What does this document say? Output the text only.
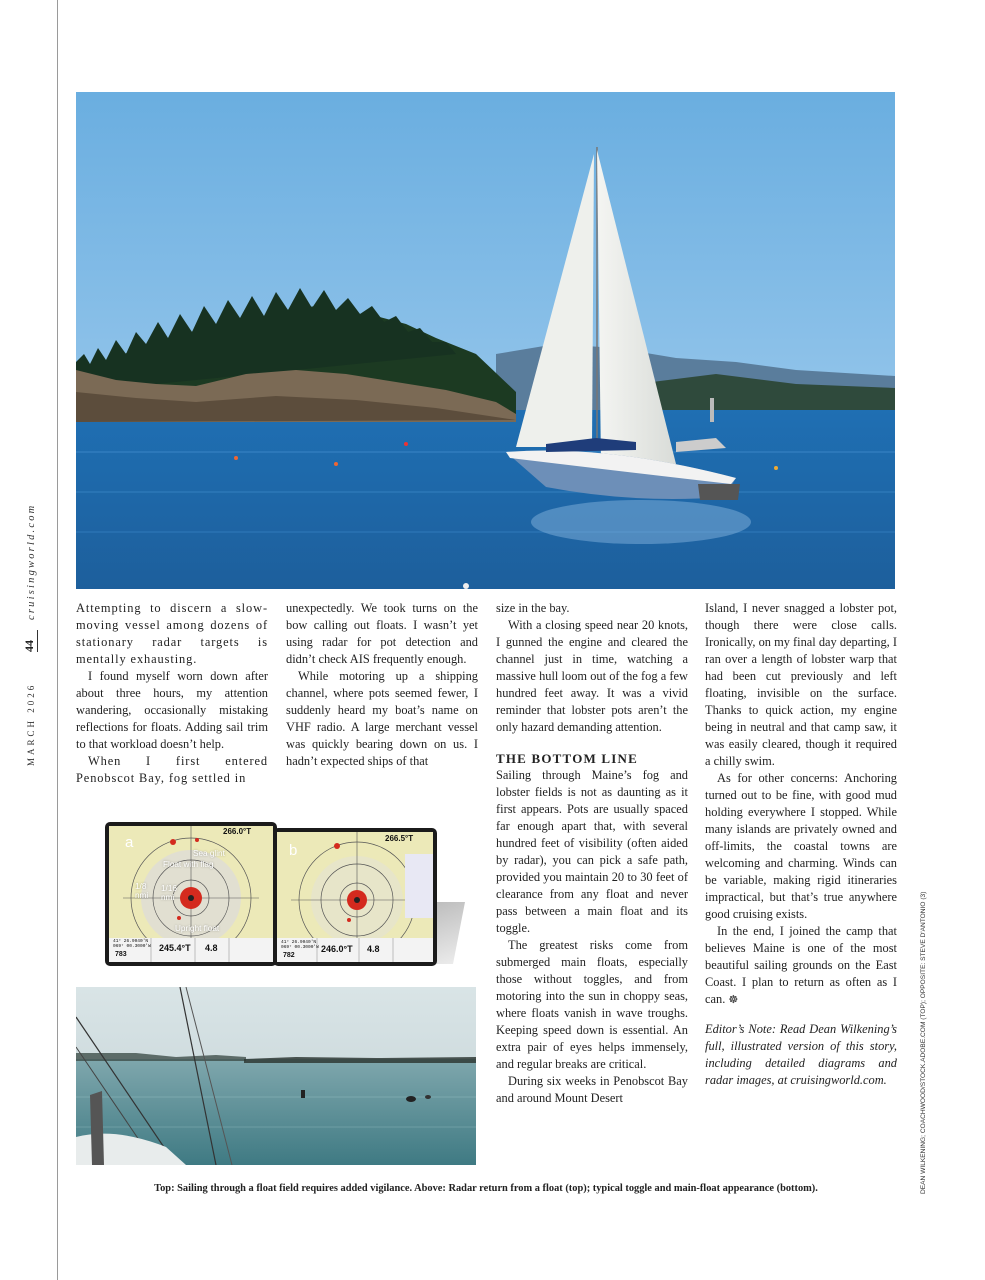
cruisingworld.com
44
MARCH 2026
DEAN WILKENING; COACHWOOD/STOCK.ADOBE.COM (TOP); OPPOSITE: STEVE D'ANTONIO (3)

Attempting to discern a slow-moving vessel among dozens of stationary radar targets is mentally exhausting.

I found myself worn down after about three hours, my attention wandering, occasionally mistaking reflections for floats. Adding sail trim to that workload doesn’t help.

When I first entered Penobscot Bay, fog settled in

unexpectedly. We took turns on the bow calling out floats. I wasn’t yet using radar for pot detection and didn’t check AIS frequently enough.

While motoring up a shipping channel, where pots seemed fewer, I suddenly heard my boat’s name on VHF radio. A large merchant vessel was quickly bearing down on us. I hadn’t expected ships of that

size in the bay.

With a closing speed near 20 knots, I gunned the engine and cleared the channel just in time, watching a massive hull loom out of the fog a few hundred feet away. It was a vivid reminder that lobster pots aren’t the only hazard demanding attention.

THE BOTTOM LINE

Sailing through Maine’s fog and lobster fields is not as daunting as it first appears. Pots are usually spaced far enough apart that, with several hundred feet of visibility (often aided by radar), you can pick a safe path, provided you maintain 20 to 30 feet of clearance from any float and never pass between a main float and its toggle.

The greatest risks come from submerged main floats, especially those without toggles, and from motoring into the sun in choppy seas, where floats vanish in wave troughs. Keeping speed down is essential. An extra pair of eyes helps immensely, and regular breaks are critical.

During six weeks in Penobscot Bay and around Mount Desert

Island, I never snagged a lobster pot, though there were close calls. Ironically, on my final day departing, I ran over a length of lobster warp that had been cut previously and left floating, invisible on the surface. Thanks to quick action, my engine being in neutral and that camp saw, it was easily cleared, though it required a chilly swim.

As for other concerns: Anchoring turned out to be fine, with good mud holding everywhere I stopped. While many islands are privately owned and off-limits, the coastal towns are welcoming and charming. Winds can be variable, making rigid itineraries impractical, but that’s true anywhere good cruising exists.

In the end, I joined the camp that believes Maine is one of the most beautiful sailing grounds on the East Coast. I plan to return as often as I can. ☸

Editor’s Note: Read Dean Wilkening’s full, illustrated version of this story, including detailed diagrams and radar images, at cruisingworld.com.

a
266.0°T
Sea glint
Float with flag
1/8
nmi
1/16
nmi
Upright float
41° 26.9040'N
069° 00.3000'W 245.4°T 4.8
783
b
266.5°T
41° 26.9040'N
069° 00.3000'W 246.0°T 4.8
782
Top: Sailing through a float field requires added vigilance. Above: Radar return from a float (top); typical toggle and main-float appearance (bottom).
